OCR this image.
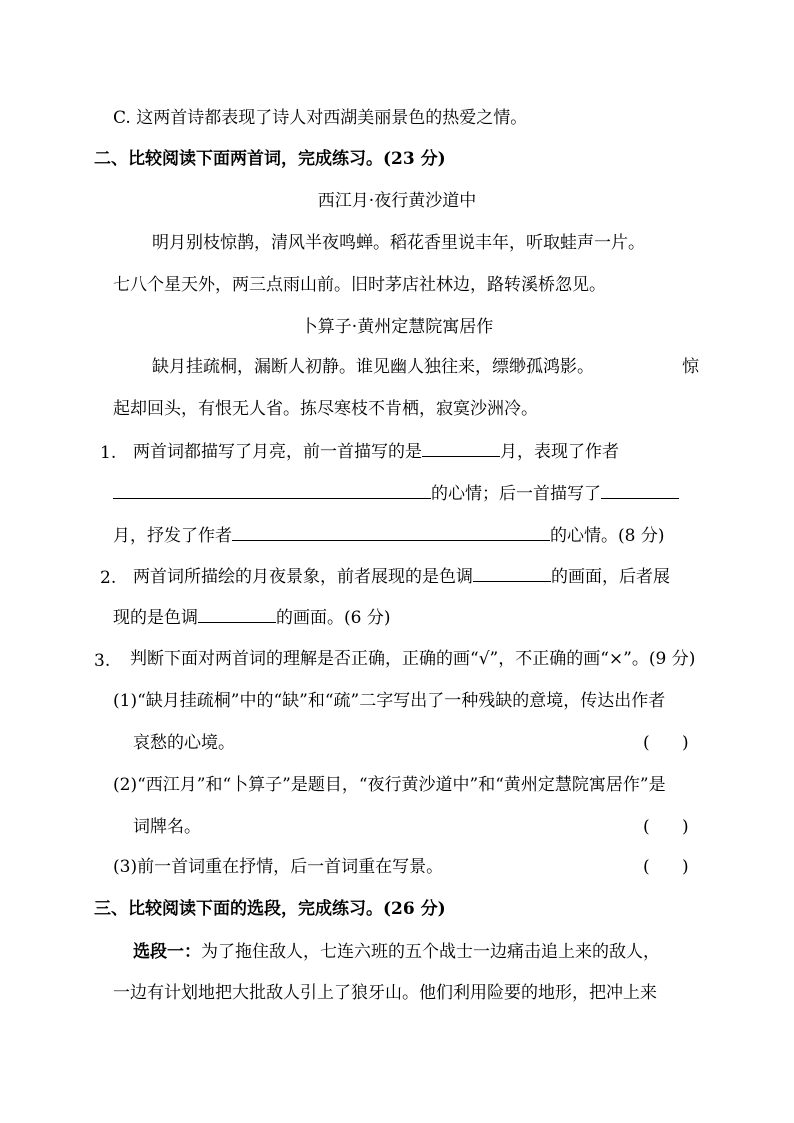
C. 这两首诗都表现了诗人对西湖美丽景色的热爱之情。
二、比较阅读下面两首词，完成练习。(23 分)
西江月·夜行黄沙道中
明月别枝惊鹊，清风半夜鸣蝉。稻花香里说丰年，听取蛙声一片。
七八个星天外，两三点雨山前。旧时茅店社林边，路转溪桥忽见。
卜算子·黄州定慧院寓居作
缺月挂疏桐，漏断人初静。谁见幽人独往来，缥缈孤鸿影。	惊
起却回头，有恨无人省。拣尽寒枝不肯栖，寂寞沙洲冷。
1. 两首词都描写了月亮，前一首描写的是	月，表现了作者
的心情；后一首描写了
月，抒发了作者	的心情。(8 分)
2. 两首词所描绘的月夜景象，前者展现的是色调	的画面，后者展
现的是色调	的画面。(6 分)
3. 判断下面对两首词的理解是否正确，正确的画“√”，不正确的画“×”。(9 分)
(1)“缺月挂疏桐”中的“缺”和“疏”二字写出了一种残缺的意境，传达出作者
哀愁的心境。	(      )
(2)“西江月”和“卜算子”是题目，“夜行黄沙道中”和“黄州定慧院寓居作”是
词牌名。	(      )
(3)前一首词重在抒情，后一首词重在写景。	(      )
三、比较阅读下面的选段，完成练习。(26 分)
选段一：为了拖住敌人，七连六班的五个战士一边痛击追上来的敌人，
一边有计划地把大批敌人引上了狼牙山。他们利用险要的地形，把冲上来
